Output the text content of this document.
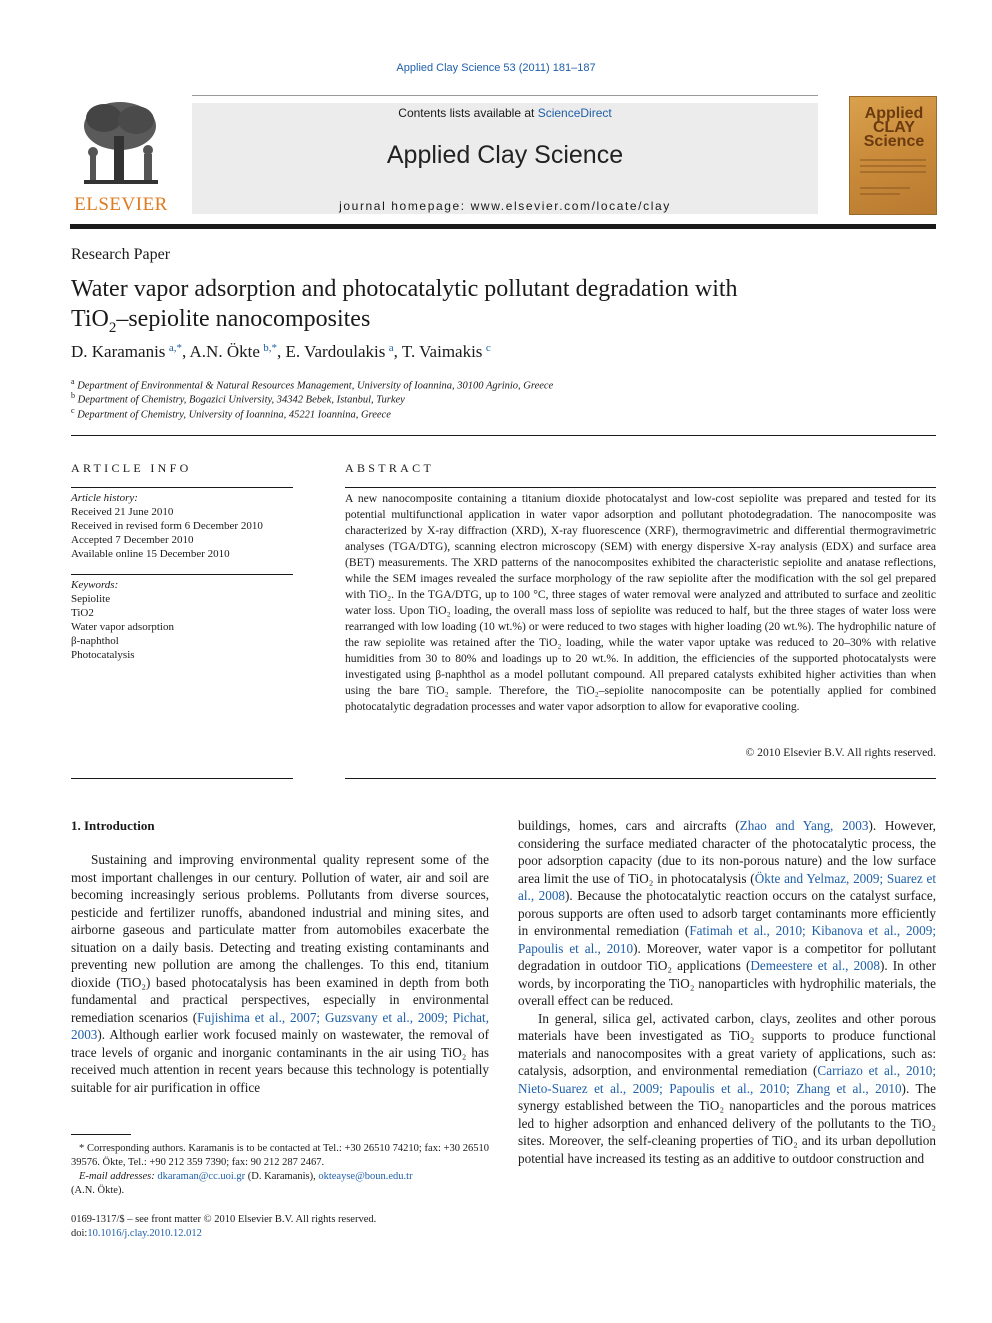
Applied Clay Science 53 (2011) 181–187
ELSEVIER
Contents lists available at ScienceDirect
Applied Clay Science
journal homepage: www.elsevier.com/locate/clay
Applied CLAY Science
Research Paper
Water vapor adsorption and photocatalytic pollutant degradation with
TiO$_2$–sepiolite nanocomposites
D. Karamanis  $^{a,*}$, A.N. Ökte  $^{b,*}$, E. Vardoulakis  $^a$, T. Vaimakis  $^c$
$^a$ Department of Environmental & Natural Resources Management, University of Ioannina, 30100 Agrinio, Greece
$^b$ Department of Chemistry, Bogazici University, 34342 Bebek, Istanbul, Turkey
$^c$ Department of Chemistry, University of Ioannina, 45221 Ioannina, Greece
ARTICLE INFO
Article history:
Received 21 June 2010
Received in revised form 6 December 2010
Accepted 7 December 2010
Available online 15 December 2010
Keywords:
Sepiolite
TiO2
Water vapor adsorption
β-naphthol
Photocatalysis
ABSTRACT
A new nanocomposite containing a titanium dioxide photocatalyst and low-cost sepiolite was prepared and tested for its potential multifunctional application in water vapor adsorption and pollutant photodegradation. The nanocomposite was characterized by X-ray diffraction (XRD), X-ray fluorescence (XRF), thermogravimetric and differential thermogravimetric analyses (TGA/DTG), scanning electron microscopy (SEM) with energy dispersive X-ray analysis (EDX) and surface area (BET) measurements. The XRD patterns of the nanocomposites exhibited the characteristic sepiolite and anatase reflections, while the SEM images revealed the surface morphology of the raw sepiolite after the modification with the sol gel prepared with TiO₂. In the TGA/DTG, up to 100 °C, three stages of water removal were analyzed and attributed to surface and zeolitic water loss. Upon TiO₂ loading, the overall mass loss of sepiolite was reduced to half, but the three stages of water loss were rearranged with low loading (10 wt.%) or were reduced to two stages with higher loading (20 wt.%). The hydrophilic nature of the raw sepiolite was retained after the TiO₂ loading, while the water vapor uptake was reduced to 20–30% with relative humidities from 30 to 80% and loadings up to 20 wt.%. In addition, the efficiencies of the supported photocatalysts were investigated using β-naphthol as a model pollutant compound. All prepared catalysts exhibited higher activities than when using the bare TiO₂ sample. Therefore, the TiO₂–sepiolite nanocomposite can be potentially applied for combined photocatalytic degradation processes and water vapor adsorption to allow for evaporative cooling.
© 2010 Elsevier B.V. All rights reserved.
1. Introduction
Sustaining and improving environmental quality represent some of the most important challenges in our century. Pollution of water, air and soil are becoming increasingly serious problems. Pollutants from diverse sources, pesticide and fertilizer runoffs, abandoned industrial and mining sites, and airborne gaseous and particulate matter from automobiles exacerbate the situation on a daily basis. Detecting and treating existing contaminants and preventing new pollution are among the challenges. To this end, titanium dioxide (TiO₂) based photocatalysis has been examined in depth from both fundamental and practical perspectives, especially in environmental remediation scenarios (Fujishima et al., 2007; Guzsvany et al., 2009; Pichat, 2003). Although earlier work focused mainly on wastewater, the removal of trace levels of organic and inorganic contaminants in the air using TiO₂ has received much attention in recent years because this technology is potentially suitable for air purification in office
buildings, homes, cars and aircrafts (Zhao and Yang, 2003). However, considering the surface mediated character of the photocatalytic process, the poor adsorption capacity (due to its non-porous nature) and the low surface area limit the use of TiO₂ in photocatalysis (Ökte and Yelmaz, 2009; Suarez et al., 2008). Because the photocatalytic reaction occurs on the catalyst surface, porous supports are often used to adsorb target contaminants more efficiently in environmental remediation (Fatimah et al., 2010; Kibanova et al., 2009; Papoulis et al., 2010). Moreover, water vapor is a competitor for pollutant degradation in outdoor TiO₂ applications (Demeestere et al., 2008). In other words, by incorporating the TiO₂ nanoparticles with hydrophilic materials, the overall effect can be reduced.
In general, silica gel, activated carbon, clays, zeolites and other porous materials have been investigated as TiO₂ supports to produce functional materials and nanocomposites with a great variety of applications, such as: catalysis, adsorption, and environmental remediation (Carriazo et al., 2010; Nieto-Suarez et al., 2009; Papoulis et al., 2010; Zhang et al., 2010). The synergy established between the TiO₂ nanoparticles and the porous matrices led to higher adsorption and enhanced delivery of the pollutants to the TiO₂ sites. Moreover, the self-cleaning properties of TiO₂ and its urban depollution potential have increased its testing as an additive to outdoor construction and
* Corresponding authors. Karamanis is to be contacted at Tel.: +30 26510 74210; fax: +30 26510 39576. Ökte, Tel.: +90 212 359 7390; fax: 90 212 287 2467.
E-mail addresses: dkaraman@cc.uoi.gr (D. Karamanis), okteayse@boun.edu.tr
(A.N. Ökte).
0169-1317/$ – see front matter © 2010 Elsevier B.V. All rights reserved.
doi:10.1016/j.clay.2010.12.012
